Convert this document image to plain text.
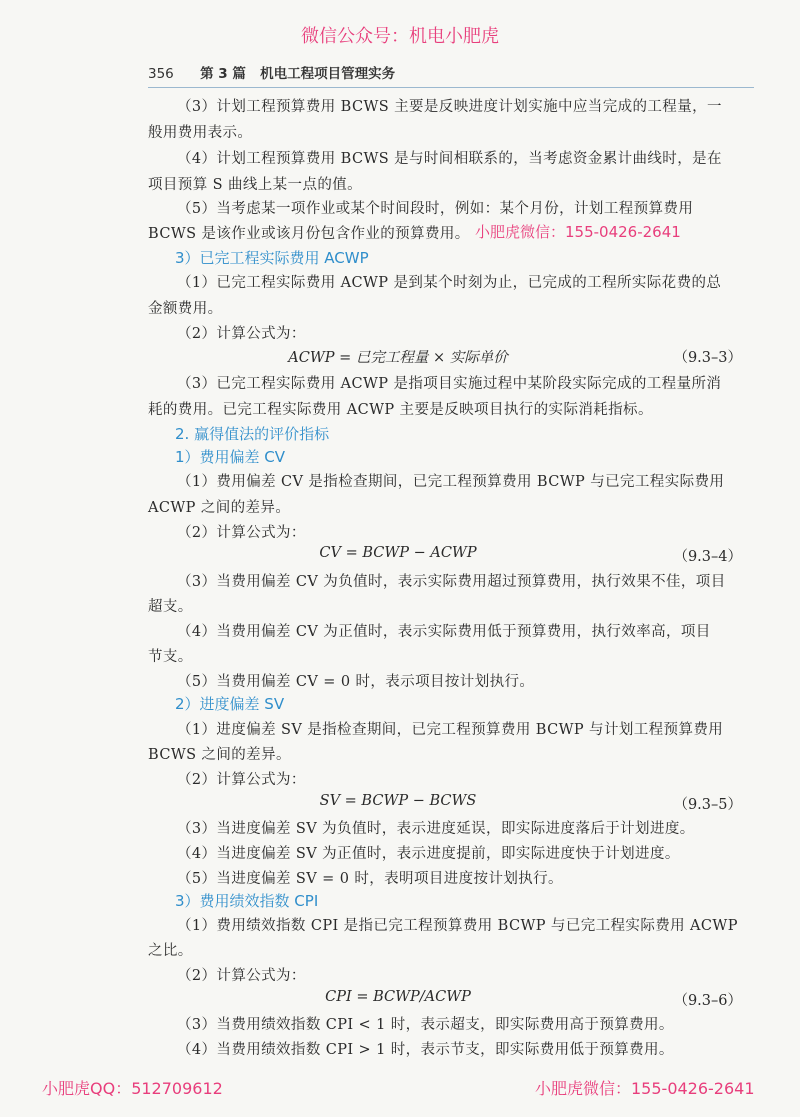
微信公众号：机电小肥虎
356 第 3 篇 机电工程项目管理实务
（3）计划工程预算费用 BCWS 主要是反映进度计划实施中应当完成的工程量，一
般用费用表示。
（4）计划工程预算费用 BCWS 是与时间相联系的，当考虑资金累计曲线时，是在
项目预算 S 曲线上某一点的值。
（5）当考虑某一项作业或某个时间段时，例如：某个月份，计划工程预算费用
BCWS 是该作业或该月份包含作业的预算费用。 小肥虎微信：155-0426-2641
3）已完工程实际费用 ACWP
（1）已完工程实际费用 ACWP 是到某个时刻为止，已完成的工程所实际花费的总
金额费用。
（2）计算公式为：
ACWP = 已完工程量 × 实际单价	（9.3–3）
（3）已完工程实际费用 ACWP 是指项目实施过程中某阶段实际完成的工程量所消
耗的费用。已完工程实际费用 ACWP 主要是反映项目执行的实际消耗指标。
2. 赢得值法的评价指标
1）费用偏差 CV
（1）费用偏差 CV 是指检查期间，已完工程预算费用 BCWP 与已完工程实际费用
ACWP 之间的差异。
（2）计算公式为：
CV = BCWP − ACWP	（9.3–4）
（3）当费用偏差 CV 为负值时，表示实际费用超过预算费用，执行效果不佳，项目
超支。
（4）当费用偏差 CV 为正值时，表示实际费用低于预算费用，执行效率高，项目
节支。
（5）当费用偏差 CV = 0 时，表示项目按计划执行。
2）进度偏差 SV
（1）进度偏差 SV 是指检查期间，已完工程预算费用 BCWP 与计划工程预算费用
BCWS 之间的差异。
（2）计算公式为：
SV = BCWP − BCWS	（9.3–5）
（3）当进度偏差 SV 为负值时，表示进度延误，即实际进度落后于计划进度。
（4）当进度偏差 SV 为正值时，表示进度提前，即实际进度快于计划进度。
（5）当进度偏差 SV = 0 时，表明项目进度按计划执行。
3）费用绩效指数 CPI
（1）费用绩效指数 CPI 是指已完工程预算费用 BCWP 与已完工程实际费用 ACWP
之比。
（2）计算公式为：
CPI = BCWP/ACWP	（9.3–6）
（3）当费用绩效指数 CPI < 1 时，表示超支，即实际费用高于预算费用。
（4）当费用绩效指数 CPI > 1 时，表示节支，即实际费用低于预算费用。
小肥虎QQ：512709612	小肥虎微信：155-0426-2641
